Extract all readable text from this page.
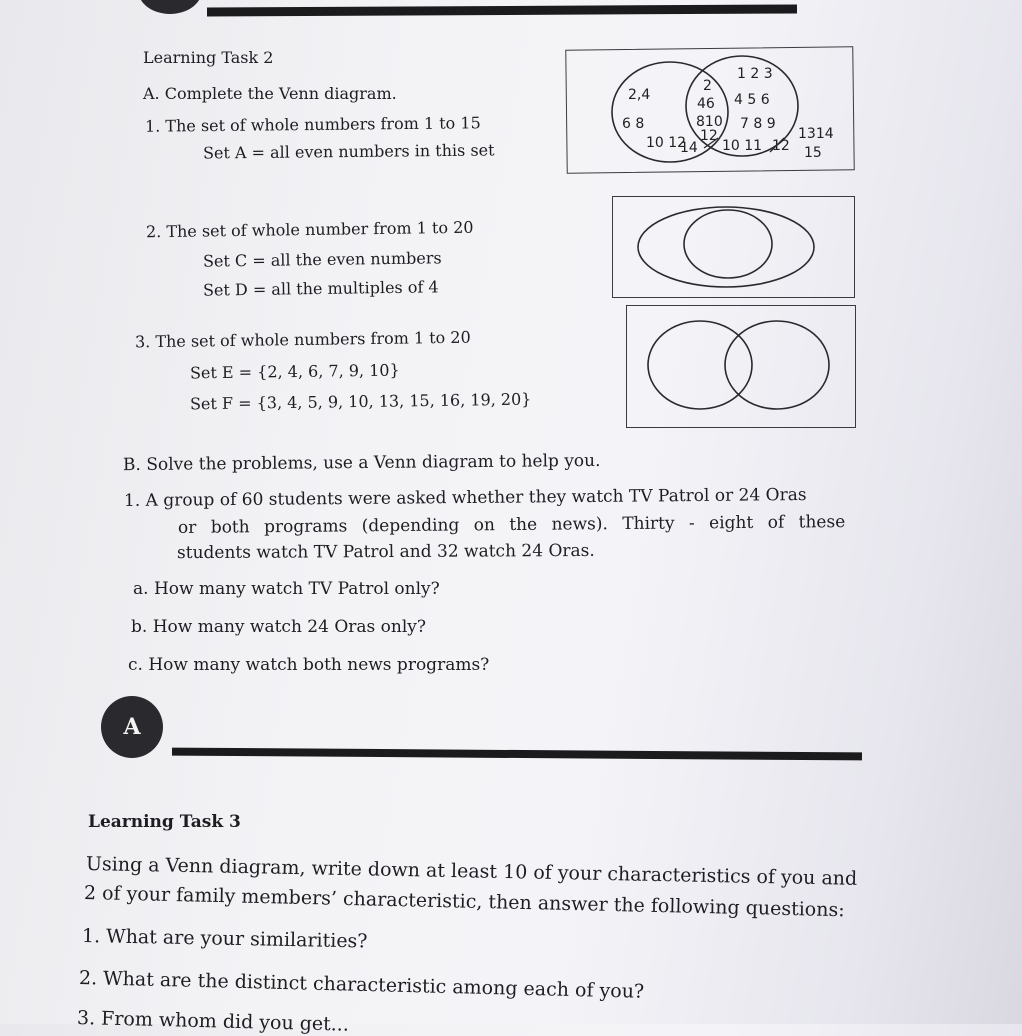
Learning Task 2
A. Complete the Venn diagram.
1. The set of whole numbers from 1 to 15
Set A = all even numbers in this set
2. The set of whole number from 1 to 20
Set C = all the even numbers
Set D = all the multiples of 4
3. The set of whole numbers from 1 to 20
Set E = {2, 4, 6, 7, 9, 10}
Set F = {3, 4, 5, 9, 10, 13, 15, 16, 19, 20}
2,4
6 8
10 12
2
46
810
12
14
1 2 3
4 5 6
7 8 9
10 11 12
1314
15
B. Solve the problems, use a Venn diagram to help you.
1. A group of 60 students were asked whether they watch TV Patrol or 24 Oras
or both programs (depending on the news). Thirty - eight of these
students watch TV Patrol and 32 watch 24 Oras.
a. How many watch TV Patrol only?
b. How many watch 24 Oras only?
c. How many watch both news programs?
A
Learning Task 3
Using a Venn diagram, write down at least 10 of your characteristics of you and
2 of your family members’ characteristic, then answer the following questions:
1. What are your similarities?
2. What are the distinct characteristic among each of you?
3. From whom did you get...
